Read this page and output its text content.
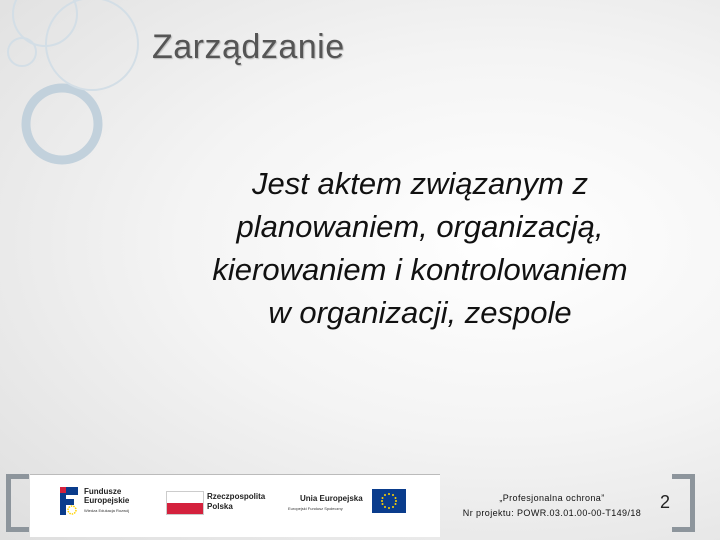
Zarządzanie
Jest aktem związanym z
planowaniem, organizacją,
kierowaniem i kontrolowaniem
w organizacji, zespole
Fundusze
Europejskie
Wiedza Edukacja Rozwój
Rzeczpospolita
Polska
Unia Europejska
Europejski Fundusz Społeczny
„Profesjonalna ochrona”
Nr projektu: POWR.03.01.00-00-T149/18
2
